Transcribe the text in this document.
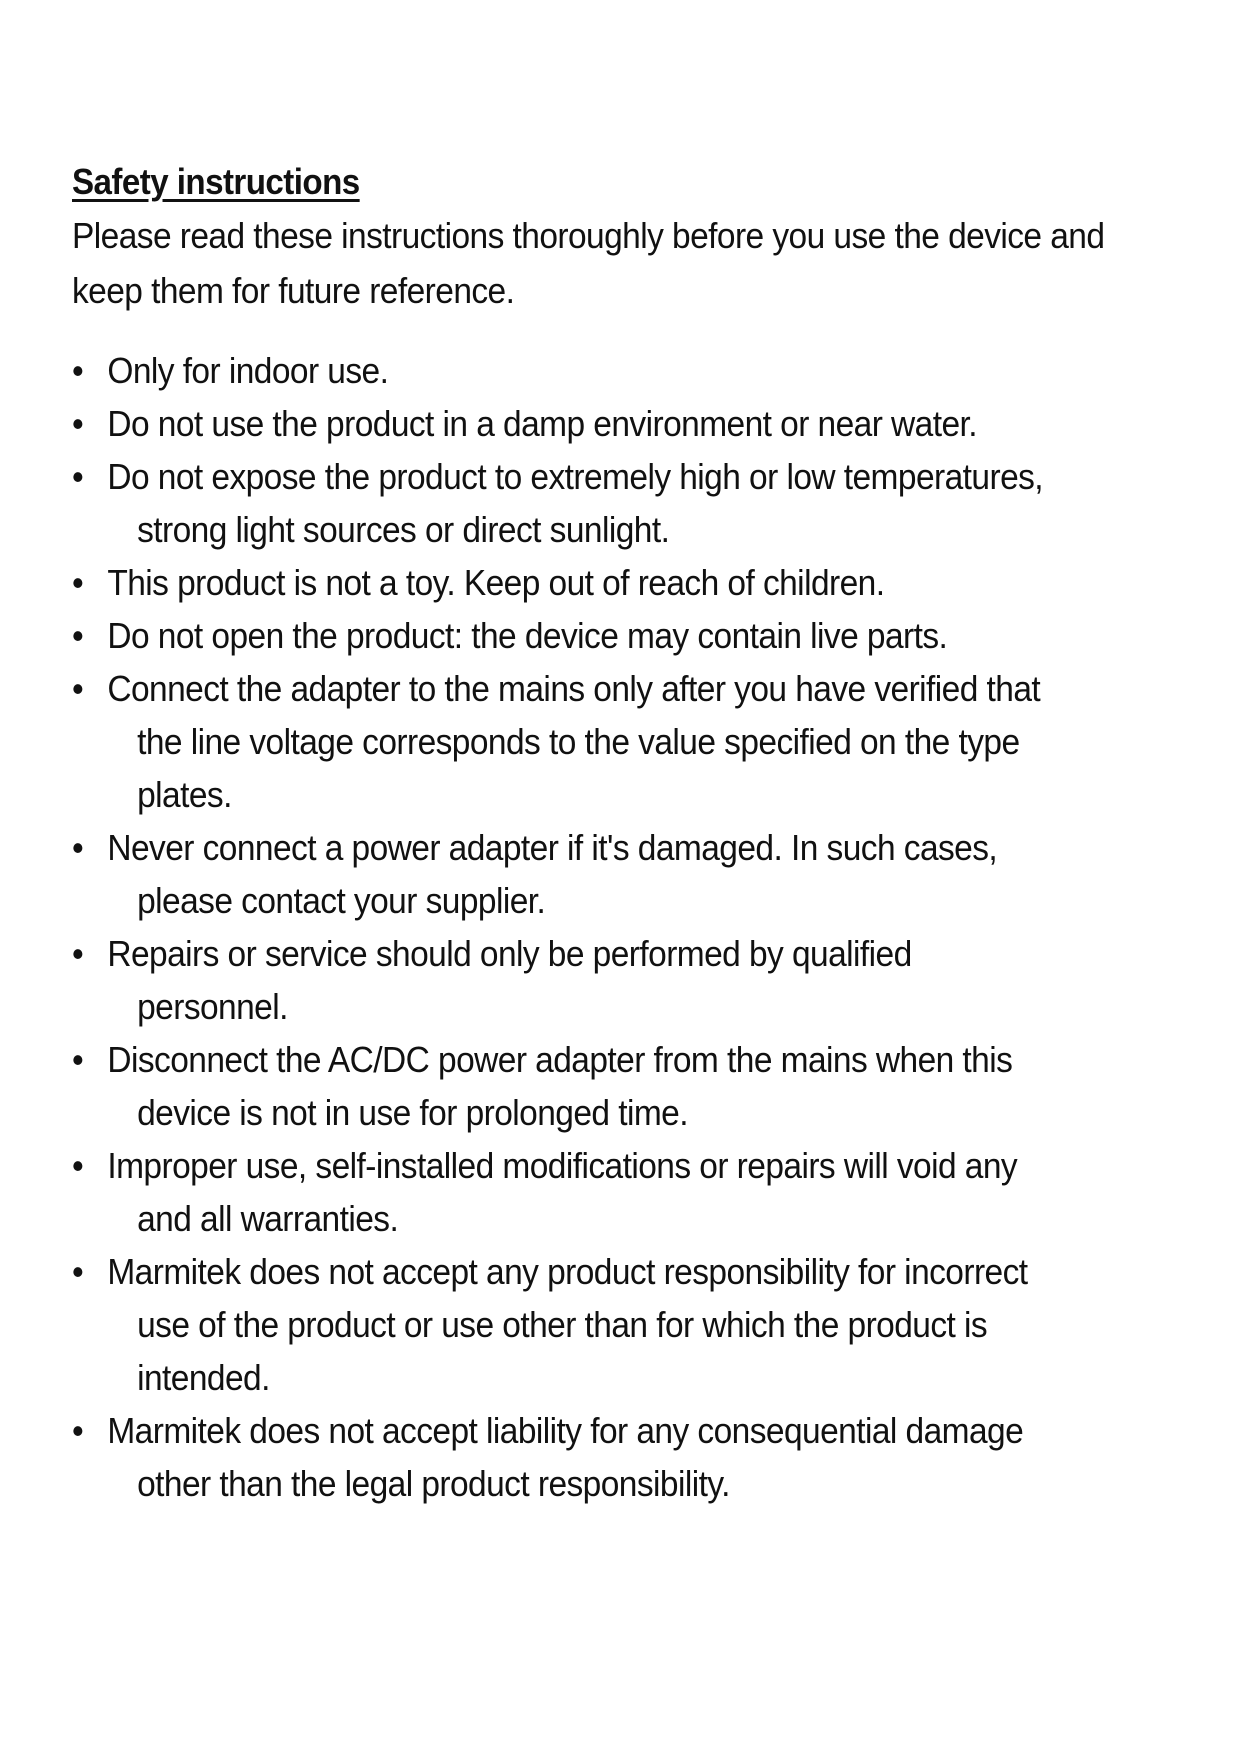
Safety instructions

Please read these instructions thoroughly before you use the device and keep them for future reference.

• Only for indoor use.
• Do not use the product in a damp environment or near water.
• Do not expose the product to extremely high or low temperatures,
strong light sources or direct sunlight.
• This product is not a toy. Keep out of reach of children.
• Do not open the product: the device may contain live parts.
• Connect the adapter to the mains only after you have verified that
the line voltage corresponds to the value specified on the type
plates.
• Never connect a power adapter if it's damaged. In such cases,
please contact your supplier.
• Repairs or service should only be performed by qualified
personnel.
• Disconnect the AC/DC power adapter from the mains when this
device is not in use for prolonged time.
• Improper use, self-installed modifications or repairs will void any
and all warranties.
• Marmitek does not accept any product responsibility for incorrect
use of the product or use other than for which the product is
intended.
• Marmitek does not accept liability for any consequential damage
other than the legal product responsibility.
